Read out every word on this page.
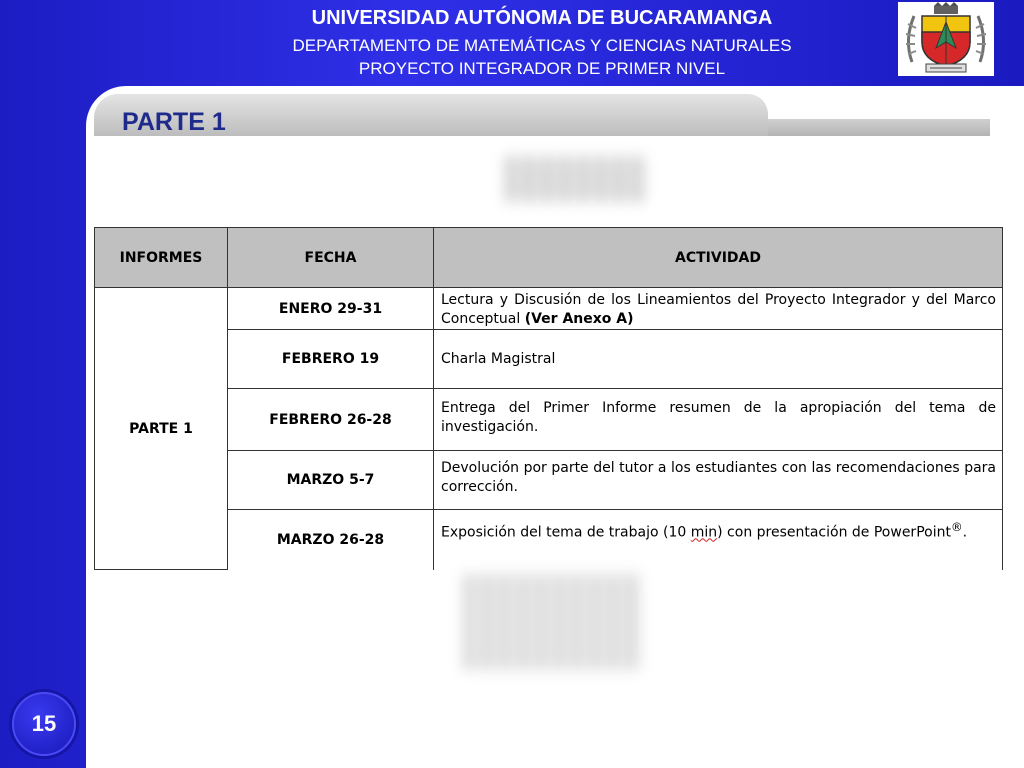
UNIVERSIDAD AUTÓNOMA DE BUCARAMANGA
DEPARTAMENTO DE MATEMÁTICAS Y CIENCIAS NATURALES
PROYECTO INTEGRADOR DE PRIMER NIVEL
PARTE 1
INFORMES	FECHA	ACTIVIDAD
PARTE 1	ENERO 29-31	Lectura y Discusión de los Lineamientos del Proyecto Integrador y del Marco Conceptual (Ver Anexo A)
	FEBRERO 19	Charla Magistral
	FEBRERO 26-28	Entrega del Primer Informe resumen de la apropiación del tema de investigación.
	MARZO 5-7	Devolución por parte del tutor a los estudiantes con las recomendaciones para corrección.
	MARZO 26-28	Exposición del tema de trabajo (10 min) con presentación de PowerPoint®.
15
